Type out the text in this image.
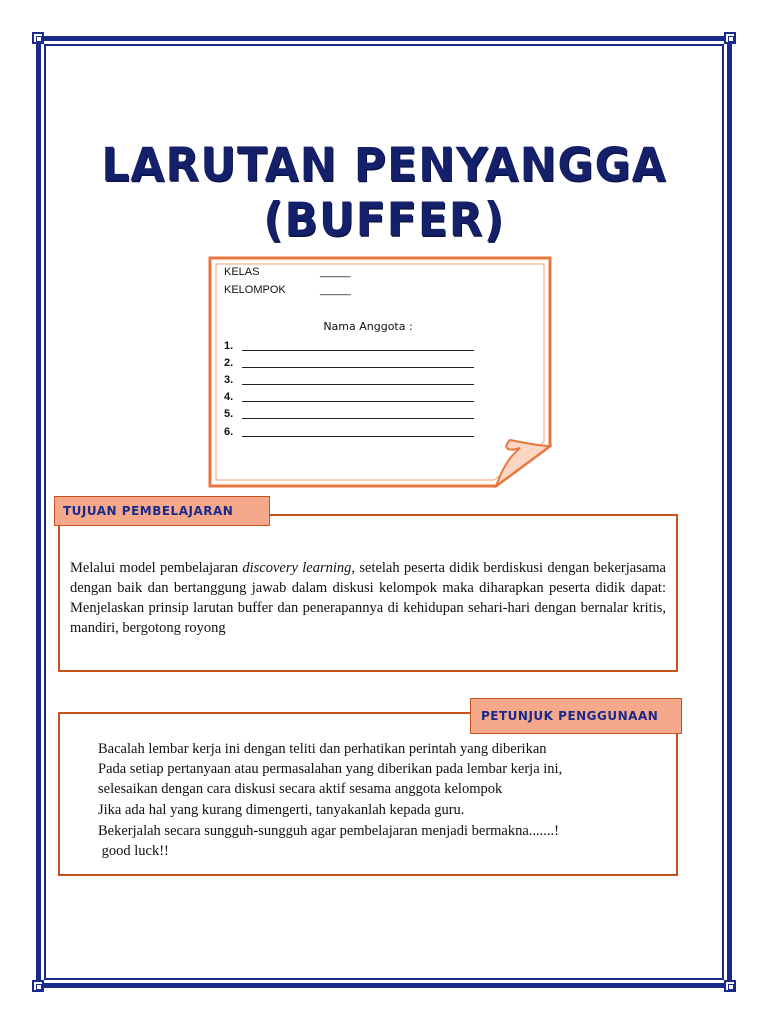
LARUTAN PENYANGGA
(BUFFER)
KELAS	_____
KELOMPOK	_____
Nama Anggota :
1.
2.
3.
4.
5.
6.
TUJUAN PEMBELAJARAN
Melalui model pembelajaran discovery learning, setelah peserta didik berdiskusi dengan bekerjasama dengan baik dan bertanggung jawab dalam diskusi kelompok maka diharapkan peserta didik dapat: Menjelaskan prinsip larutan buffer dan penerapannya di kehidupan sehari-hari dengan bernalar kritis, mandiri, bergotong royong
PETUNJUK PENGGUNAAN
Bacalah lembar kerja ini dengan teliti dan perhatikan perintah yang diberikan
Pada setiap pertanyaan atau permasalahan yang diberikan pada lembar kerja ini,
selesaikan dengan cara diskusi secara aktif sesama anggota kelompok
Jika ada hal yang kurang dimengerti, tanyakanlah kepada guru.
Bekerjalah secara sungguh-sungguh agar pembelajaran menjadi bermakna.......!
good luck!!
